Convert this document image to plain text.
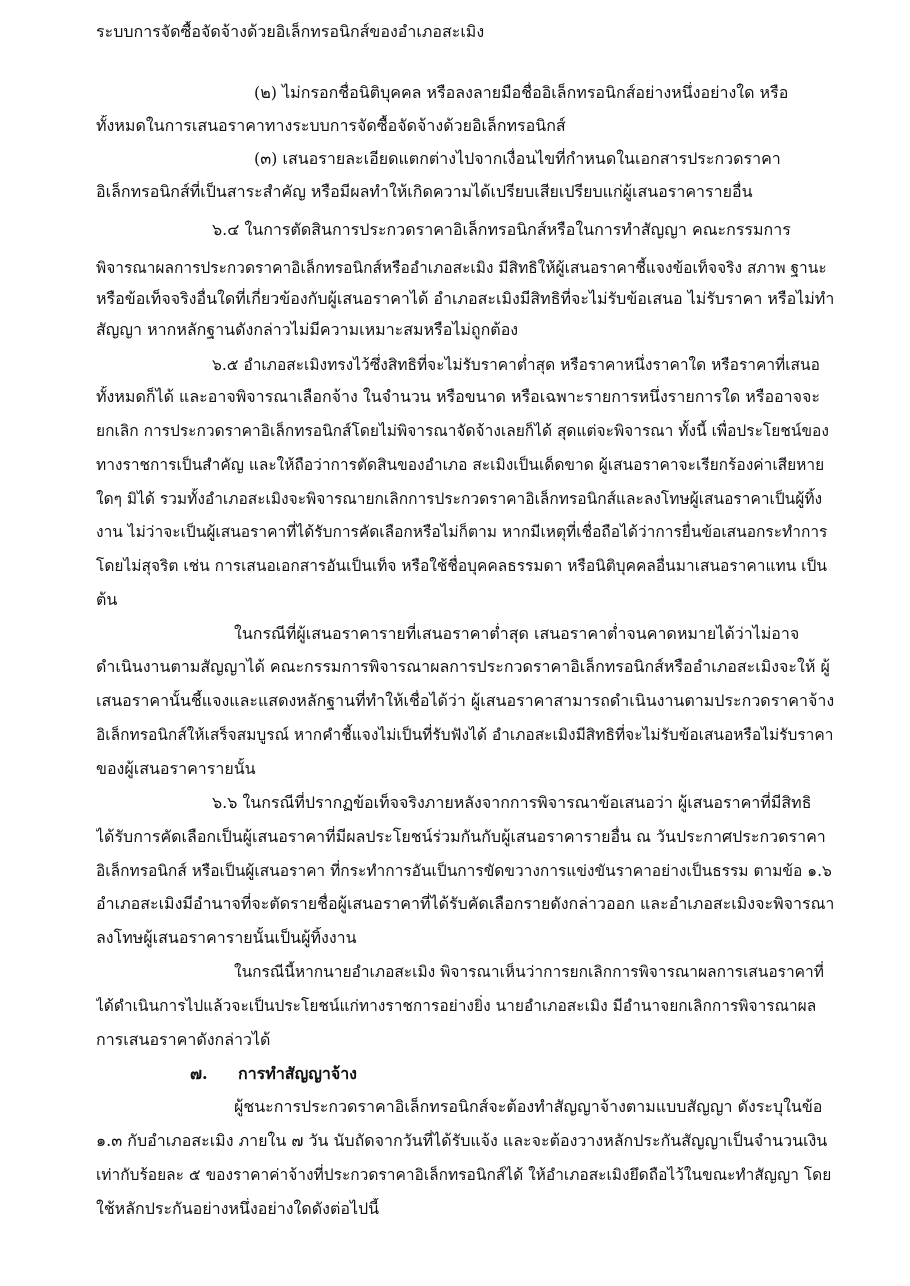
ระบบการจัดซื้อจัดจ้างด้วยอิเล็กทรอนิกส์ของอำเภอสะเมิง
(๒) ไม่กรอกชื่อนิติบุคคล หรือลงลายมือชื่ออิเล็กทรอนิกส์อย่างหนึ่งอย่างใด หรือ
ทั้งหมดในการเสนอราคาทางระบบการจัดซื้อจัดจ้างด้วยอิเล็กทรอนิกส์
(๓) เสนอรายละเอียดแตกต่างไปจากเงื่อนไขที่กำหนดในเอกสารประกวดราคา
อิเล็กทรอนิกส์ที่เป็นสาระสำคัญ หรือมีผลทำให้เกิดความได้เปรียบเสียเปรียบแก่ผู้เสนอราคารายอื่น
๖.๔ ในการตัดสินการประกวดราคาอิเล็กทรอนิกส์หรือในการทำสัญญา คณะกรรมการ
พิจารณาผลการประกวดราคาอิเล็กทรอนิกส์หรืออำเภอสะเมิง มีสิทธิให้ผู้เสนอราคาชี้แจงข้อเท็จจริง สภาพ ฐานะ
หรือข้อเท็จจริงอื่นใดที่เกี่ยวข้องกับผู้เสนอราคาได้ อำเภอสะเมิงมีสิทธิที่จะไม่รับข้อเสนอ ไม่รับราคา หรือไม่ทำ
สัญญา หากหลักฐานดังกล่าวไม่มีความเหมาะสมหรือไม่ถูกต้อง
๖.๕ อำเภอสะเมิงทรงไว้ซึ่งสิทธิที่จะไม่รับราคาต่ำสุด หรือราคาหนึ่งราคาใด หรือราคาที่เสนอ
ทั้งหมดก็ได้ และอาจพิจารณาเลือกจ้าง ในจำนวน หรือขนาด หรือเฉพาะรายการหนึ่งรายการใด หรืออาจจะ
ยกเลิก การประกวดราคาอิเล็กทรอนิกส์โดยไม่พิจารณาจัดจ้างเลยก็ได้ สุดแต่จะพิจารณา ทั้งนี้ เพื่อประโยชน์ของ
ทางราชการเป็นสำคัญ และให้ถือว่าการตัดสินของอำเภอ สะเมิงเป็นเด็ดขาด ผู้เสนอราคาจะเรียกร้องค่าเสียหาย
ใดๆ มิได้ รวมทั้งอำเภอสะเมิงจะพิจารณายกเลิกการประกวดราคาอิเล็กทรอนิกส์และลงโทษผู้เสนอราคาเป็นผู้ทิ้ง
งาน ไม่ว่าจะเป็นผู้เสนอราคาที่ได้รับการคัดเลือกหรือไม่ก็ตาม หากมีเหตุที่เชื่อถือได้ว่าการยื่นข้อเสนอกระทำการ
โดยไม่สุจริต เช่น การเสนอเอกสารอันเป็นเท็จ หรือใช้ชื่อบุคคลธรรมดา หรือนิติบุคคลอื่นมาเสนอราคาแทน เป็น
ต้น
ในกรณีที่ผู้เสนอราคารายที่เสนอราคาต่ำสุด เสนอราคาต่ำจนคาดหมายได้ว่าไม่อาจ
ดำเนินงานตามสัญญาได้ คณะกรรมการพิจารณาผลการประกวดราคาอิเล็กทรอนิกส์หรืออำเภอสะเมิงจะให้ ผู้
เสนอราคานั้นชี้แจงและแสดงหลักฐานที่ทำให้เชื่อได้ว่า ผู้เสนอราคาสามารถดำเนินงานตามประกวดราคาจ้าง
อิเล็กทรอนิกส์ให้เสร็จสมบูรณ์ หากคำชี้แจงไม่เป็นที่รับฟังได้ อำเภอสะเมิงมีสิทธิที่จะไม่รับข้อเสนอหรือไม่รับราคา
ของผู้เสนอราคารายนั้น
๖.๖ ในกรณีที่ปรากฏข้อเท็จจริงภายหลังจากการพิจารณาข้อเสนอว่า ผู้เสนอราคาที่มีสิทธิ
ได้รับการคัดเลือกเป็นผู้เสนอราคาที่มีผลประโยชน์ร่วมกันกับผู้เสนอราคารายอื่น ณ วันประกาศประกวดราคา
อิเล็กทรอนิกส์ หรือเป็นผู้เสนอราคา ที่กระทำการอันเป็นการขัดขวางการแข่งขันราคาอย่างเป็นธรรม ตามข้อ ๑.๖
อำเภอสะเมิงมีอำนาจที่จะตัดรายชื่อผู้เสนอราคาที่ได้รับคัดเลือกรายดังกล่าวออก และอำเภอสะเมิงจะพิจารณา
ลงโทษผู้เสนอราคารายนั้นเป็นผู้ทิ้งงาน
ในกรณีนี้หากนายอำเภอสะเมิง พิจารณาเห็นว่าการยกเลิกการพิจารณาผลการเสนอราคาที่
ได้ดำเนินการไปแล้วจะเป็นประโยชน์แก่ทางราชการอย่างยิ่ง นายอำเภอสะเมิง มีอำนาจยกเลิกการพิจารณาผล
การเสนอราคาดังกล่าวได้
๗.	การทำสัญญาจ้าง
ผู้ชนะการประกวดราคาอิเล็กทรอนิกส์จะต้องทำสัญญาจ้างตามแบบสัญญา ดังระบุในข้อ
๑.๓ กับอำเภอสะเมิง ภายใน ๗ วัน นับถัดจากวันที่ได้รับแจ้ง และจะต้องวางหลักประกันสัญญาเป็นจำนวนเงิน
เท่ากับร้อยละ ๕ ของราคาค่าจ้างที่ประกวดราคาอิเล็กทรอนิกส์ได้ ให้อำเภอสะเมิงยึดถือไว้ในขณะทำสัญญา โดย
ใช้หลักประกันอย่างหนึ่งอย่างใดดังต่อไปนี้
